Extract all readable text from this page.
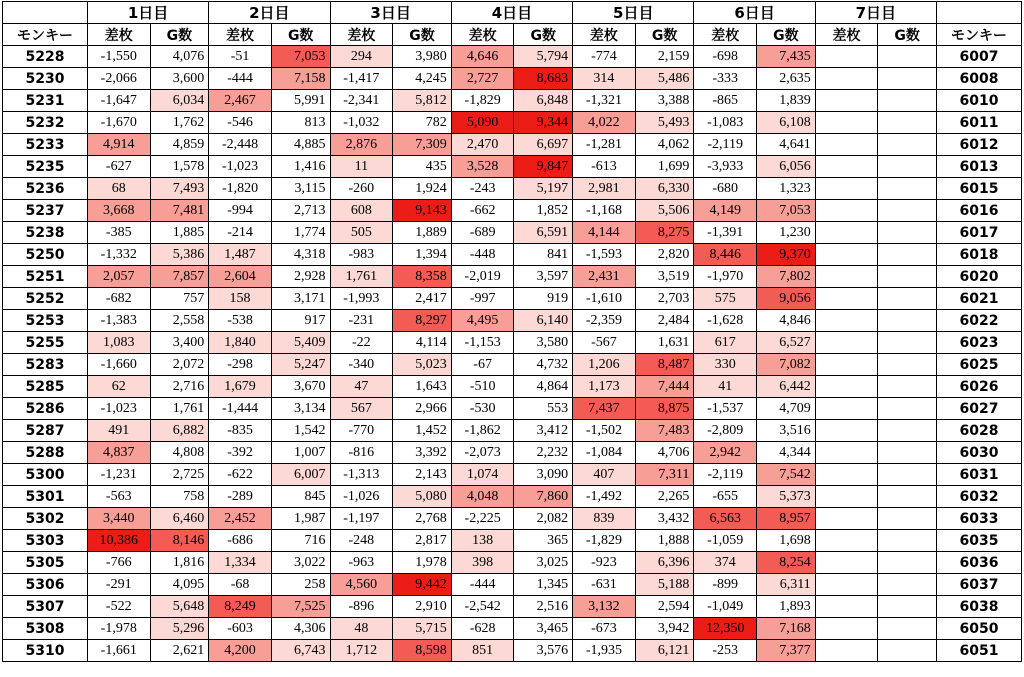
	1日目		2日目		3日目		4日目		5日目		6日目		7日目		
モンキー	差枚	G数	差枚	G数	差枚	G数	差枚	G数	差枚	G数	差枚	G数	差枚	G数	モンキー
5228	-1,550	4,076	-51	7,053	294	3,980	4,646	5,794	-774	2,159	-698	7,435			6007
5230	-2,066	3,600	-444	7,158	-1,417	4,245	2,727	8,683	314	5,486	-333	2,635			6008
5231	-1,647	6,034	2,467	5,991	-2,341	5,812	-1,829	6,848	-1,321	3,388	-865	1,839			6010
5232	-1,670	1,762	-546	813	-1,032	782	5,090	9,344	4,022	5,493	-1,083	6,108			6011
5233	4,914	4,859	-2,448	4,885	2,876	7,309	2,470	6,697	-1,281	4,062	-2,119	4,641			6012
5235	-627	1,578	-1,023	1,416	11	435	3,528	9,847	-613	1,699	-3,933	6,056			6013
5236	68	7,493	-1,820	3,115	-260	1,924	-243	5,197	2,981	6,330	-680	1,323			6015
5237	3,668	7,481	-994	2,713	608	9,143	-662	1,852	-1,168	5,506	4,149	7,053			6016
5238	-385	1,885	-214	1,774	505	1,889	-689	6,591	4,144	8,275	-1,391	1,230			6017
5250	-1,332	5,386	1,487	4,318	-983	1,394	-448	841	-1,593	2,820	8,446	9,370			6018
5251	2,057	7,857	2,604	2,928	1,761	8,358	-2,019	3,597	2,431	3,519	-1,970	7,802			6020
5252	-682	757	158	3,171	-1,993	2,417	-997	919	-1,610	2,703	575	9,056			6021
5253	-1,383	2,558	-538	917	-231	8,297	4,495	6,140	-2,359	2,484	-1,628	4,846			6022
5255	1,083	3,400	1,840	5,409	-22	4,114	-1,153	3,580	-567	1,631	617	6,527			6023
5283	-1,660	2,072	-298	5,247	-340	5,023	-67	4,732	1,206	8,487	330	7,082			6025
5285	62	2,716	1,679	3,670	47	1,643	-510	4,864	1,173	7,444	41	6,442			6026
5286	-1,023	1,761	-1,444	3,134	567	2,966	-530	553	7,437	8,875	-1,537	4,709			6027
5287	491	6,882	-835	1,542	-770	1,452	-1,862	3,412	-1,502	7,483	-2,809	3,516			6028
5288	4,837	4,808	-392	1,007	-816	3,392	-2,073	2,232	-1,084	4,706	2,942	4,344			6030
5300	-1,231	2,725	-622	6,007	-1,313	2,143	1,074	3,090	407	7,311	-2,119	7,542			6031
5301	-563	758	-289	845	-1,026	5,080	4,048	7,860	-1,492	2,265	-655	5,373			6032
5302	3,440	6,460	2,452	1,987	-1,197	2,768	-2,225	2,082	839	3,432	6,563	8,957			6033
5303	10,386	8,146	-686	716	-248	2,817	138	365	-1,829	1,888	-1,059	1,698			6035
5305	-766	1,816	1,334	3,022	-963	1,978	398	3,025	-923	6,396	374	8,254			6036
5306	-291	4,095	-68	258	4,560	9,442	-444	1,345	-631	5,188	-899	6,311			6037
5307	-522	5,648	8,249	7,525	-896	2,910	-2,542	2,516	3,132	2,594	-1,049	1,893			6038
5308	-1,978	5,296	-603	4,306	48	5,715	-628	3,465	-673	3,942	12,350	7,168			6050
5310	-1,661	2,621	4,200	6,743	1,712	8,598	851	3,576	-1,935	6,121	-253	7,377			6051
